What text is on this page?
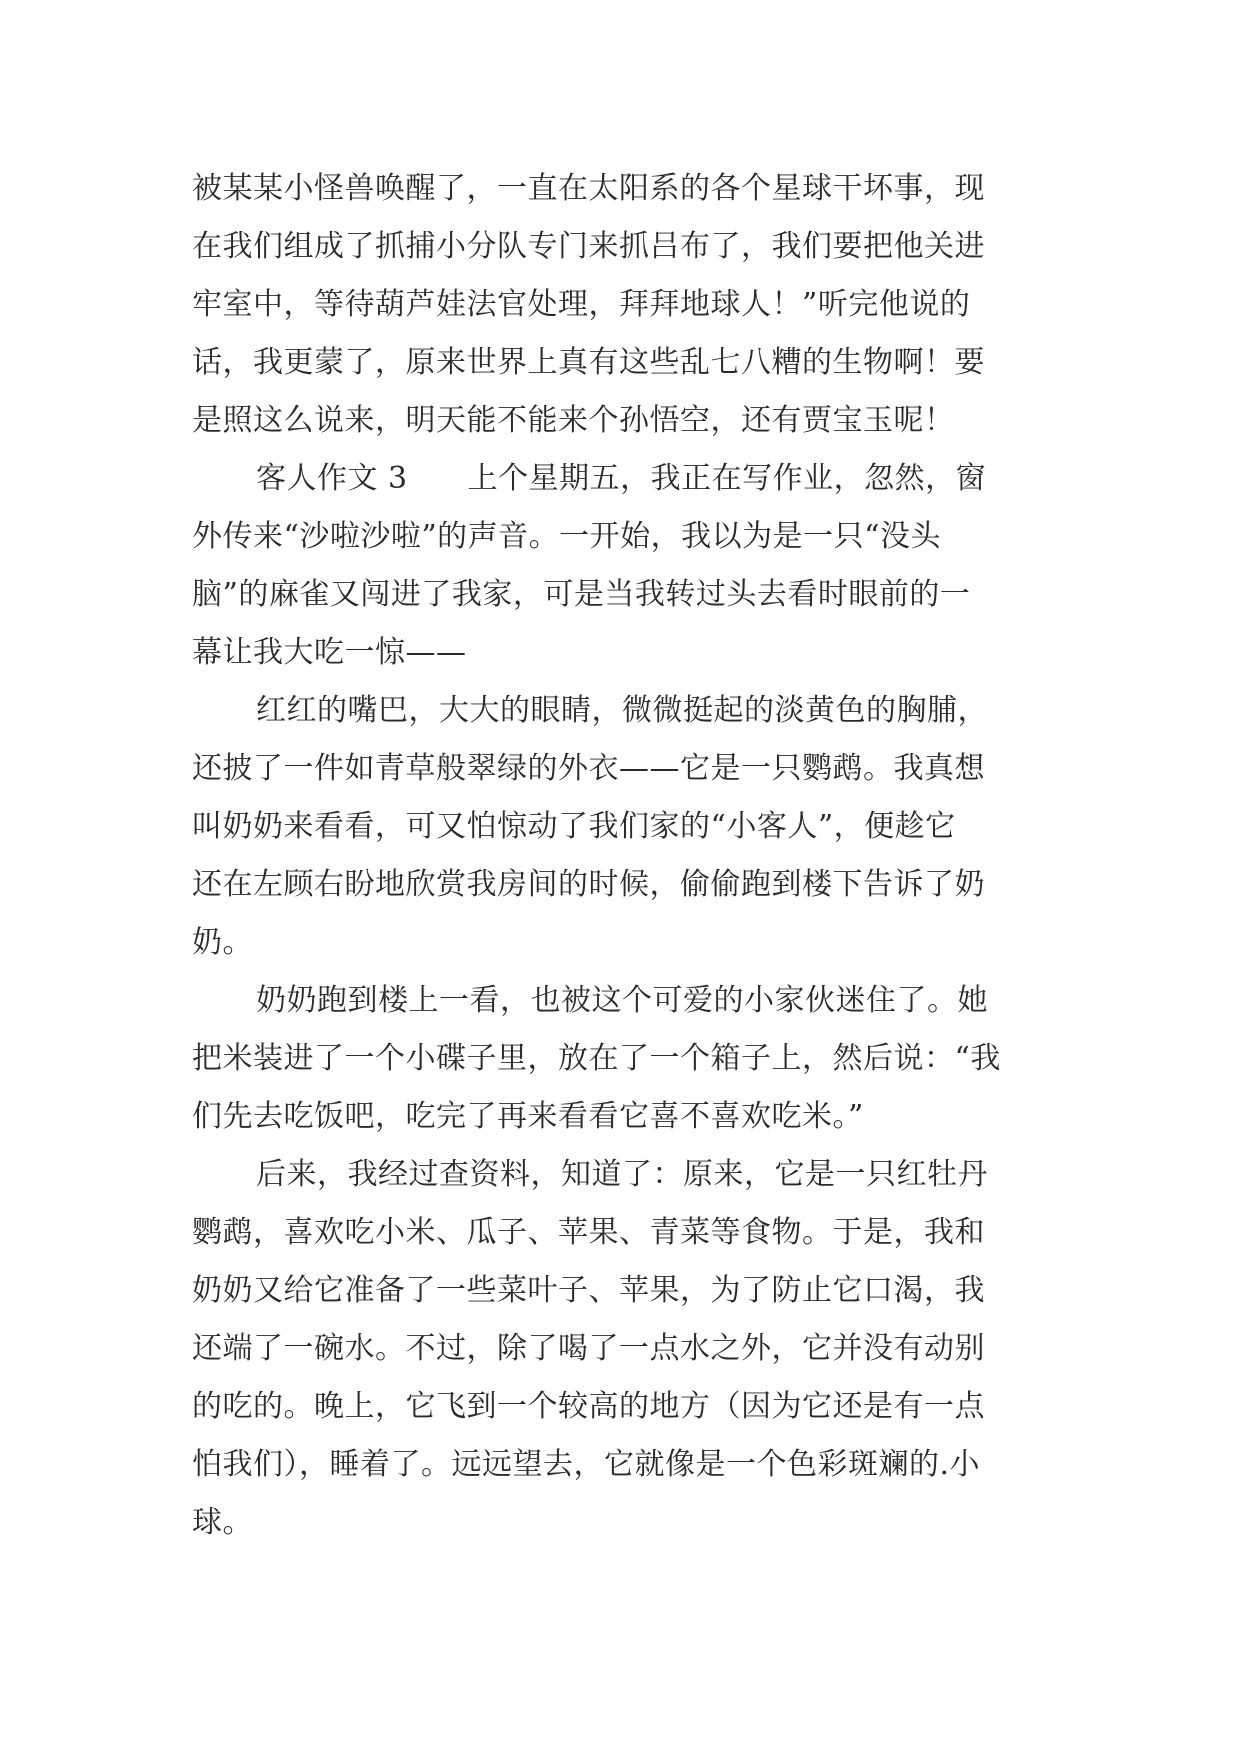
被某某小怪兽唤醒了，一直在太阳系的各个星球干坏事，现
在我们组成了抓捕小分队专门来抓吕布了，我们要把他关进
牢室中，等待葫芦娃法官处理，拜拜地球人！”听完他说的
话，我更蒙了，原来世界上真有这些乱七八糟的生物啊！要
是照这么说来，明天能不能来个孙悟空，还有贾宝玉呢！
客人作文 3 上个星期五，我正在写作业，忽然，窗
外传来“沙啦沙啦”的声音。一开始，我以为是一只“没头
脑”的麻雀又闯进了我家，可是当我转过头去看时眼前的一
幕让我大吃一惊——
红红的嘴巴，大大的眼睛，微微挺起的淡黄色的胸脯，
还披了一件如青草般翠绿的外衣——它是一只鹦鹉。我真想
叫奶奶来看看，可又怕惊动了我们家的“小客人”，便趁它
还在左顾右盼地欣赏我房间的时候，偷偷跑到楼下告诉了奶
奶。
奶奶跑到楼上一看，也被这个可爱的小家伙迷住了。她
把米装进了一个小碟子里，放在了一个箱子上，然后说：“我
们先去吃饭吧，吃完了再来看看它喜不喜欢吃米。”
后来，我经过查资料，知道了：原来，它是一只红牡丹
鹦鹉，喜欢吃小米、瓜子、苹果、青菜等食物。于是，我和
奶奶又给它准备了一些菜叶子、苹果，为了防止它口渴，我
还端了一碗水。不过，除了喝了一点水之外，它并没有动别
的吃的。晚上，它飞到一个较高的地方（因为它还是有一点
怕我们），睡着了。远远望去，它就像是一个色彩斑斓的.小
球。
